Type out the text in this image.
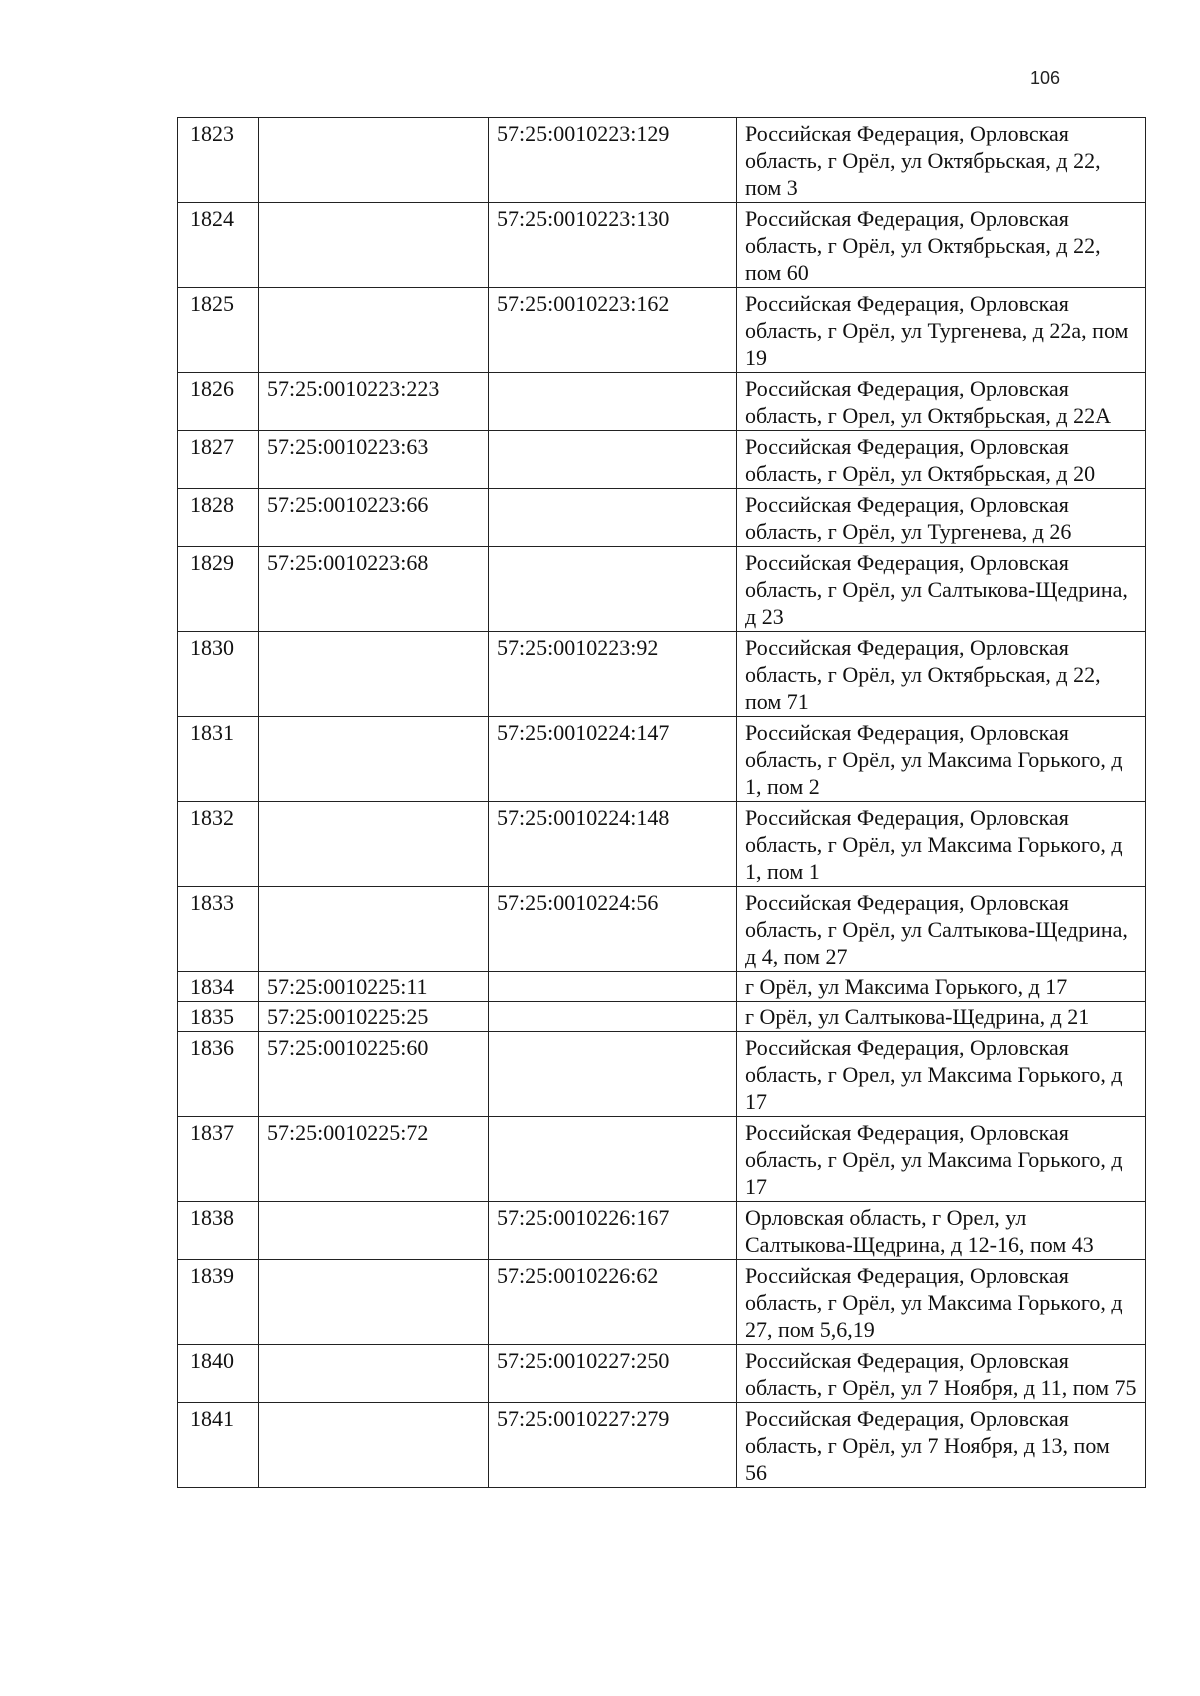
106
1823		57:25:0010223:129	Российская Федерация, Орловская область, г Орёл, ул Октябрьская, д 22, пом 3
1824		57:25:0010223:130	Российская Федерация, Орловская область, г Орёл, ул Октябрьская, д 22, пом 60
1825		57:25:0010223:162	Российская Федерация, Орловская область, г Орёл, ул Тургенева, д 22а, пом 19
1826	57:25:0010223:223		Российская Федерация, Орловская область, г Орел, ул Октябрьская, д 22А
1827	57:25:0010223:63		Российская Федерация, Орловская область, г Орёл, ул Октябрьская, д 20
1828	57:25:0010223:66		Российская Федерация, Орловская область, г Орёл, ул Тургенева, д 26
1829	57:25:0010223:68		Российская Федерация, Орловская область, г Орёл, ул Салтыкова-Щедрина, д 23
1830		57:25:0010223:92	Российская Федерация, Орловская область, г Орёл, ул Октябрьская, д 22, пом 71
1831		57:25:0010224:147	Российская Федерация, Орловская область, г Орёл, ул Максима Горького, д 1, пом 2
1832		57:25:0010224:148	Российская Федерация, Орловская область, г Орёл, ул Максима Горького, д 1, пом 1
1833		57:25:0010224:56	Российская Федерация, Орловская область, г Орёл, ул Салтыкова-Щедрина, д 4, пом 27
1834	57:25:0010225:11		г Орёл, ул Максима Горького, д 17
1835	57:25:0010225:25		г Орёл, ул Салтыкова-Щедрина, д 21
1836	57:25:0010225:60		Российская Федерация, Орловская область, г Орел, ул Максима Горького, д 17
1837	57:25:0010225:72		Российская Федерация, Орловская область, г Орёл, ул Максима Горького, д 17
1838		57:25:0010226:167	Орловская область, г Орел, ул Салтыкова-Щедрина, д 12-16, пом 43
1839		57:25:0010226:62	Российская Федерация, Орловская область, г Орёл, ул Максима Горького, д 27, пом 5,6,19
1840		57:25:0010227:250	Российская Федерация, Орловская область, г Орёл, ул 7 Ноября, д 11, пом 75
1841		57:25:0010227:279	Российская Федерация, Орловская область, г Орёл, ул 7 Ноября, д 13, пом 56
